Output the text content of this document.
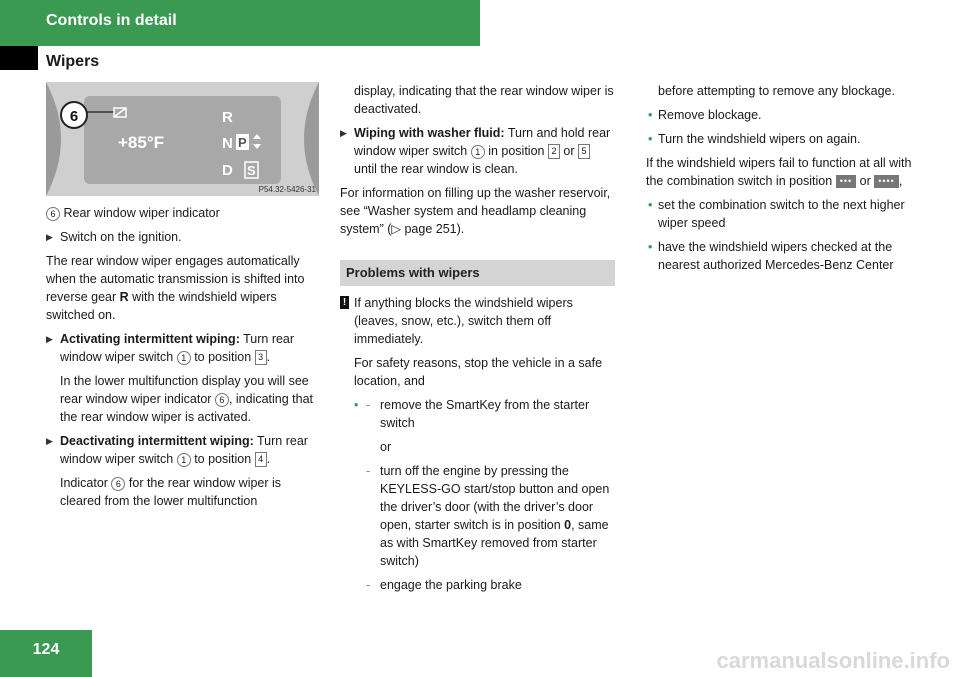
Controls in detail
Wipers
6
+85°F
R
N
D
P
S
P54.32-5426-31

6 Rear window wiper indicator

▶ Switch on the ignition.

The rear window wiper engages automatically when the automatic transmission is shifted into reverse gear R with the windshield wipers switched on.

▶ Activating intermittent wiping: Turn rear window wiper switch 1 to position 3 .

In the lower multifunction display you will see rear window wiper indicator 6 , indicating that the rear window wiper is activated.

▶ Deactivating intermittent wiping: Turn rear window wiper switch 1 to position 4 .

Indicator 6 for the rear window wiper is cleared from the lower multifunction

display, indicating that the rear window wiper is deactivated.

▶ Wiping with washer fluid: Turn and hold rear window wiper switch 1 in position 2 or 5 until the rear window is clean.

For information on filling up the washer reservoir, see “Washer system and headlamp cleaning system” (▷ page 251).

Problems with wipers
! If anything blocks the windshield wipers (leaves, snow, etc.), switch them off immediately.

For safety reasons, stop the vehicle in a safe location, and

• - remove the SmartKey from the starter switch

or

- turn off the engine by pressing the KEYLESS-GO start/stop button and open the driver’s door (with the driver’s door open, starter switch is in position 0, same as with SmartKey removed from starter switch)
- engage the parking brake

before attempting to remove any blockage.

• Remove blockage.
• Turn the windshield wipers on again.

If the windshield wipers fail to function at all with the combination switch in position ••• or •••• ,

• set the combination switch to the next higher wiper speed
• have the windshield wipers checked at the nearest authorized Mercedes-Benz Center
124	carmanualsonline.info
